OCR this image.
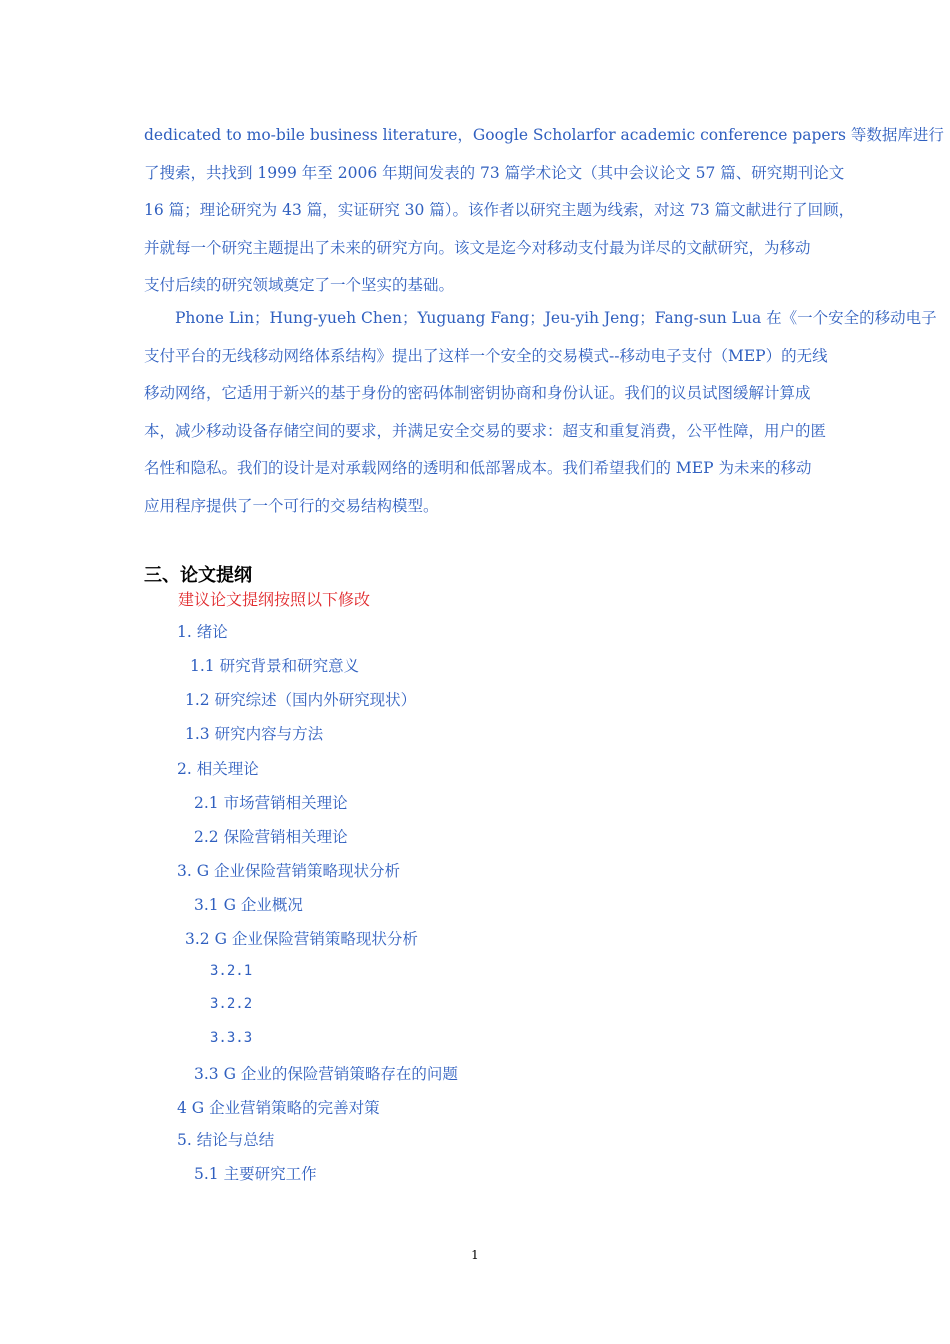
dedicated to mo-bile business literature，Google Scholarfor academic conference papers 等数据库进行
了搜索，共找到 1999 年至 2006 年期间发表的 73 篇学术论文（其中会议论文 57 篇、研究期刊论文
16 篇；理论研究为 43 篇，实证研究 30 篇）。该作者以研究主题为线索，对这 73 篇文献进行了回顾，
并就每一个研究主题提出了未来的研究方向。该文是迄今对移动支付最为详尽的文献研究，为移动
支付后续的研究领域奠定了一个坚实的基础。
　　Phone Lin；Hung-yueh Chen；Yuguang Fang；Jeu-yih Jeng；Fang-sun Lua 在《一个安全的移动电子
支付平台的无线移动网络体系结构》提出了这样一个安全的交易模式--移动电子支付（MEP）的无线
移动网络，它适用于新兴的基于身份的密码体制密钥协商和身份认证。我们的议员试图缓解计算成
本，减少移动设备存储空间的要求，并满足安全交易的要求：超支和重复消费，公平性障，用户的匿
名性和隐私。我们的设计是对承载网络的透明和低部署成本。我们希望我们的 MEP 为未来的移动
应用程序提供了一个可行的交易结构模型。
三、论文提纲
建议论文提纲按照以下修改
1. 绪论
1.1 研究背景和研究意义
1.2 研究综述（国内外研究现状）
1.3 研究内容与方法
2. 相关理论
2.1 市场营销相关理论
2.2 保险营销相关理论
3. G 企业保险营销策略现状分析
3.1 G 企业概况
3.2 G 企业保险营销策略现状分析
3.2.1
3.2.2
3.3.3
3.3 G 企业的保险营销策略存在的问题
4 G 企业营销策略的完善对策
5. 结论与总结
5.1 主要研究工作
1
